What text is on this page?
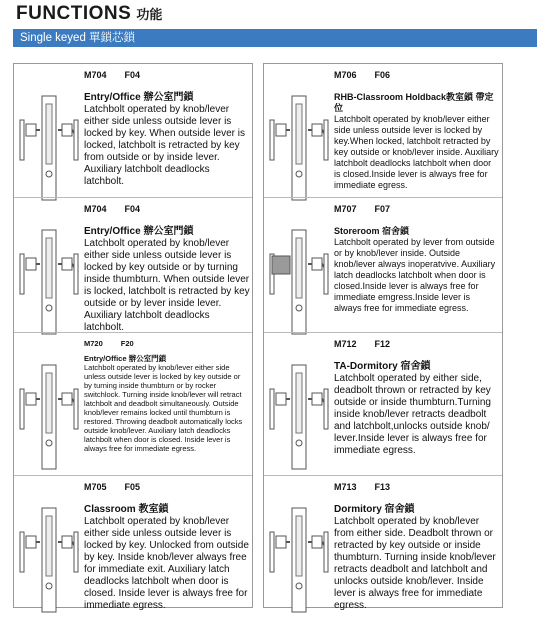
FUNCTIONS 功能
Single keyed 單鎖芯鎖
M704 F04
Entry/Office 辦公室門鎖
Latchbolt operated by knob/lever either side unless outside lever is locked by key. When outside lever is locked, latchbolt is retracted by key from outside or by inside lever. Auxiliary latchbolt deadlocks latchbolt.
M704 F04
Entry/Office 辦公室門鎖
Latchbolt operated by knob/lever either side unless outside lever is locked by key outside or by turning inside thumbturn. When outside lever is locked, latchbolt is retracted by key outside or by lever inside lever. Auxiliary latchbolt deadlocks latchbolt.
M720 F20
Entry/Office 辦公室門鎖
Latchbolt operated by knob/lever either side unless outside lever is locked by key outside or by turning inside thumbturn or by rocker switchlock. Turning inside knob/lever will retract latchbolt and deadbolt simultaneously. Outside knob/lever remains locked until thumbturn is restored. Throwing deadbolt automatically locks outside knob/lever. Auxiliary latch deadlocks latchbolt when door is closed. Inside lever is always free for immediate egress.
M705 F05
Classroom 教室鎖
Latchbolt operated by knob/lever either side unless outside lever is locked by key. Unlocked from outside by key. Inside knob/lever always free for immediate exit. Auxiliary latch deadlocks latchbolt when door is closed. Inside lever is always free for immediate egress.
M706 F06
RHB-Classroom Holdback教室鎖 帶定位
Latchbolt operated by knob/lever either side unless outside lever is locked by key.When locked, latchbolt retracted by key outside or knob/lever inside. Auxiliary latchbolt deadlocks latchbolt when door is closed.Inside lever is always free for immediate egress.
M707 F07
Storeroom 宿舍鎖
Latchbolt operated by lever from outside or by knob/lever inside. Outside knob/lever always inoperatvive. Auxiliary latch deadlocks latchbolt when door is closed.Inside lever is always free for immediate emgress.Inside lever is always free for immediate egress.
M712 F12
TA-Dormitory 宿舍鎖
Latchbolt operated by either side, deadbolt thrown or retracted by key outside or inside thumbturn.Turning inside knob/lever retracts deadbolt and latchbolt,unlocks outside knob/ lever.Inside lever is always free for immediate egress.
M713 F13
Dormitory 宿舍鎖
Latchbolt operated by knob/lever from either side. Deadbolt thrown or retracted by key outside or inside thumbturn. Turning inside knob/lever retracts deadbolt and latchbolt and unlocks outside knob/lever. Inside lever is always free for immediate egress.
